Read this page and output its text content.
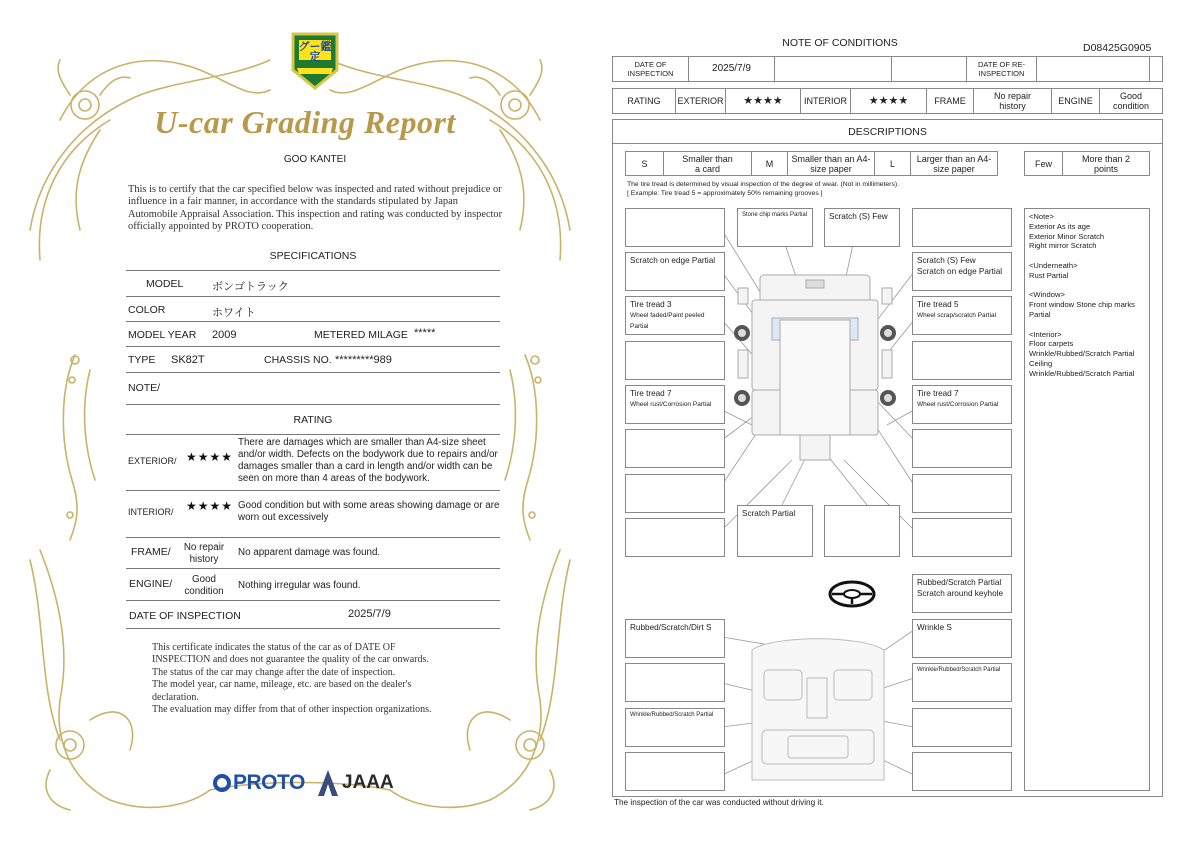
グー鑑定
U-car Grading Report
GOO KANTEI
This is to certify that the car specified below was inspected and rated without prejudice or influence in a fair manner, in accordance with the standards stipulated by Japan Automobile Appraisal Association. This inspection and rating was conducted by inspector officially appointed by PROTO cooperation.
SPECIFICATIONS
MODEL	ボンゴトラック
COLOR	ホワイト
MODEL YEAR 2009	METERED MILAGE *****
TYPE SK82T	CHASSIS NO. *********989
NOTE/
RATING
EXTERIOR/ ★★★★
There are damages which are smaller than A4-size sheet and/or width. Defects on the bodywork due to repairs and/or damages smaller than a card in length and/or width can be seen on more than 4 areas of the bodywork.
INTERIOR/ ★★★★ Good condition but with some areas showing damage or are worn out excessively
FRAME/	No repair history
No apparent damage was found.
ENGINE/	Good condition
Nothing irregular was found.
DATE OF INSPECTION	2025/7/9
This certificate indicates the status of the car as of DATE OF
INSPECTION and does not guarantee the quality of the car onwards.
The status of the car may change after the date of inspection.
The model year, car name, mileage, etc. are based on the dealer's
declaration.
The evaluation may differ from that of other inspection organizations.
PROTO JAAA
NOTE OF CONDITIONS	D08425G0905
DATE OF INSPECTION	2025/7/9	DATE OF RE-INSPECTION
RATING	EXTERIOR	★★★★	INTERIOR	★★★★	FRAME	No repair history	ENGINE	Good condition
DESCRIPTIONS
S	Smaller than a card	M	Smaller than an A4-size paper	L	Larger than an A4-size paper	Few	More than 2 points
The tire tread is determined by visual inspection of the degree of wear. (Not in millimeters).
[ Example: Tire tread 5 = approximately 50% remaining grooves ]
Stone chip marks Partial	Scratch (S) Few
Scratch on edge Partial	Scratch (S) Few
Scratch on edge Partial
Tire tread 3
Wheel faded/Paint peeled Partial
Tire tread 5
Wheel scrap/scratch Partial
Tire tread 7
Wheel rust/Corrosion Partial
Tire tread 7
Wheel rust/Corrosion Partial
Scratch Partial
Rubbed/Scratch Partial
Scratch around keyhole
Rubbed/Scratch/Dirt S	Wrinkle S
Wrinkle/Rubbed/Scratch Partial
Wrinkle/Rubbed/Scratch Partial
<Note>
Exterior As its age
Exterior Minor Scratch
Right mirror Scratch

<Underneath>
Rust Partial

<Window>
Front window Stone chip marks Partial

<Interior>
Floor carpets
Wrinkle/Rubbed/Scratch Partial
Ceiling
Wrinkle/Rubbed/Scratch Partial
The inspection of the car was conducted without driving it.
